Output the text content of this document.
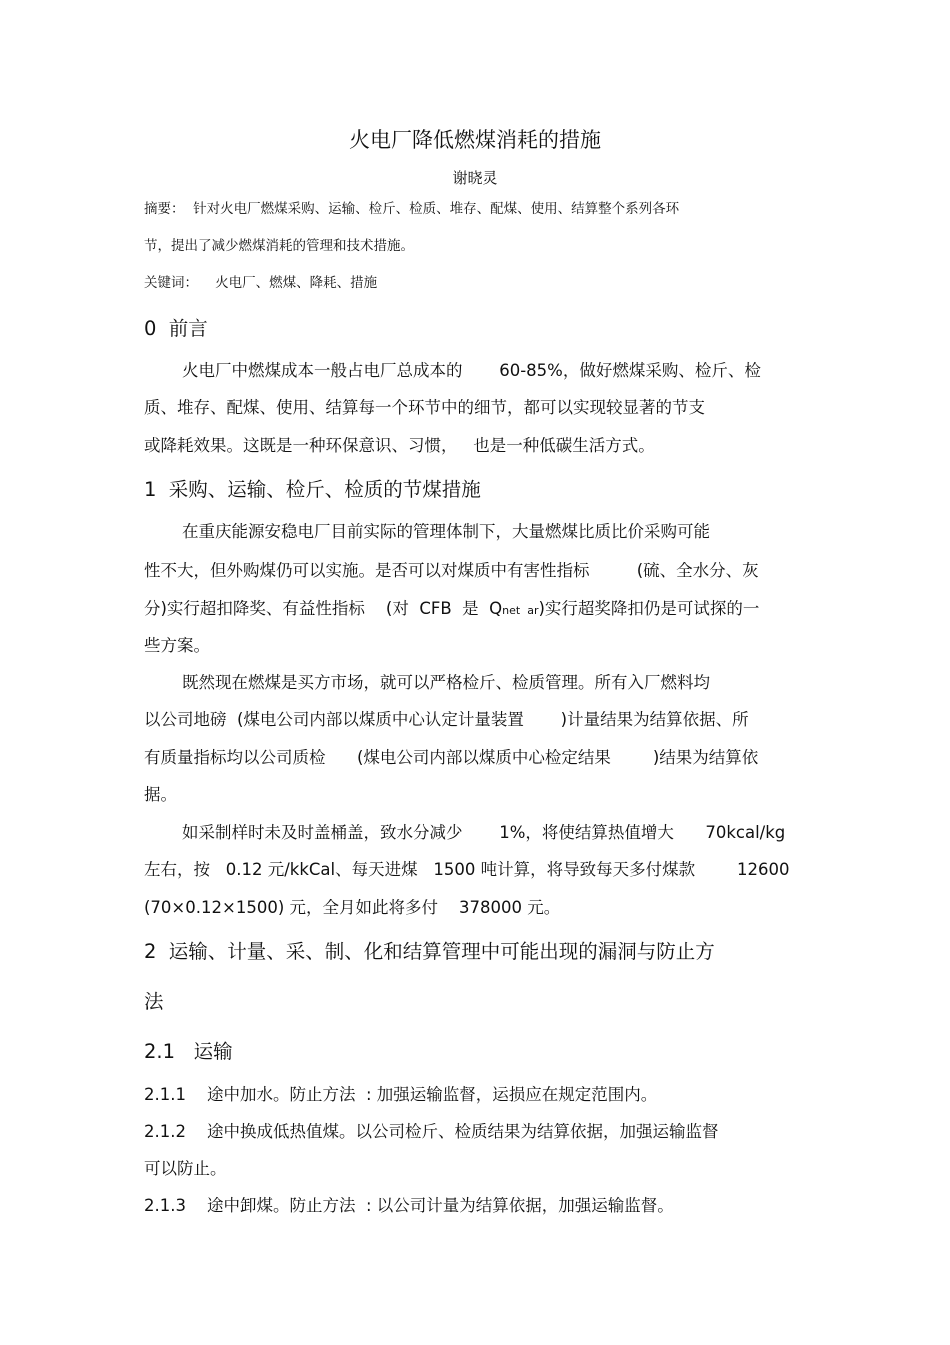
火电厂降低燃煤消耗的措施
谢晓灵
摘要：  针对火电厂燃煤采购、运输、检斤、检质、堆存、配煤、使用、结算整个系列各环
节，提出了减少燃煤消耗的管理和技术措施。
关键词：    火电厂、燃煤、降耗、措施
0  前言
火电厂中燃煤成本一般占电厂总成本的       60-85%，做好燃煤采购、检斤、检
质、堆存、配煤、使用、结算每一个环节中的细节，都可以实现较显著的节支
或降耗效果。这既是一种环保意识、习惯，   也是一种低碳生活方式。
1  采购、运输、检斤、检质的节煤措施
在重庆能源安稳电厂目前实际的管理体制下，大量燃煤比质比价采购可能
性不大，但外购煤仍可以实施。是否可以对煤质中有害性指标         (硫、全水分、灰
分)实行超扣降奖、有益性指标    (对  CFB  是  Qnet  ar)实行超奖降扣仍是可试探的一
些方案。
既然现在燃煤是买方市场，就可以严格检斤、检质管理。所有入厂燃料均
以公司地磅  (煤电公司内部以煤质中心认定计量装置       )计量结果为结算依据、所
有质量指标均以公司质检      (煤电公司内部以煤质中心检定结果        )结果为结算依
据。
如采制样时未及时盖桶盖，致水分减少       1%，将使结算热值增大      70kcal/kg
左右，按   0.12 元/kkCal、每天进煤   1500 吨计算，将导致每天多付煤款        12600
(70×0.12×1500) 元，全月如此将多付    378000 元。
2  运输、计量、采、制、化和结算管理中可能出现的漏洞与防止方
法
2.1   运输
2.1.1    途中加水。防止方法  : 加强运输监督，运损应在规定范围内。
2.1.2    途中换成低热值煤。以公司检斤、检质结果为结算依据，加强运输监督
可以防止。
2.1.3    途中卸煤。防止方法  : 以公司计量为结算依据，加强运输监督。
